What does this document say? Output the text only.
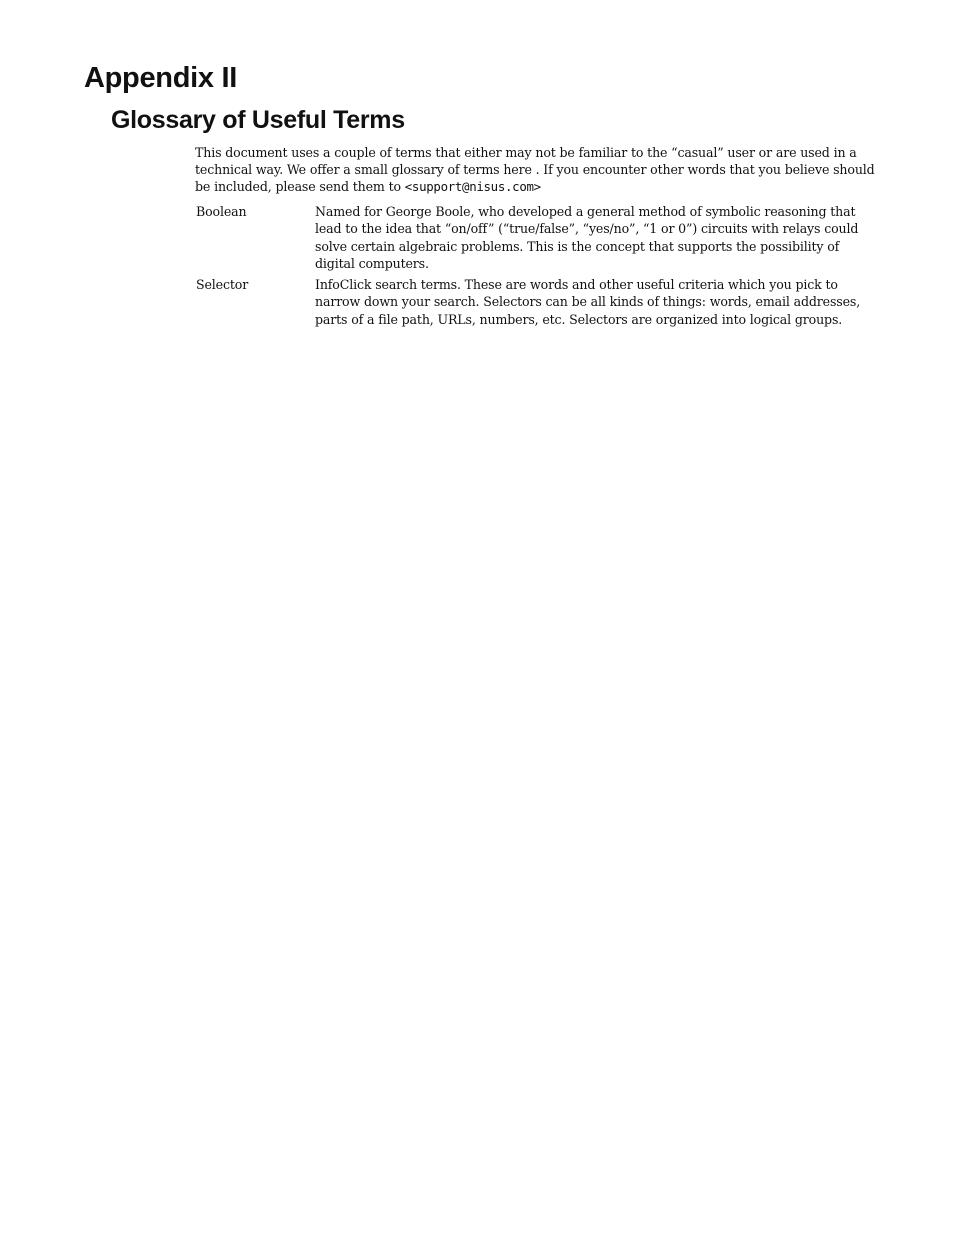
Appendix II
Glossary of Useful Terms

This document uses a couple of terms that either may not be familiar to the “casual” user or are used in a technical way. We offer a small glossary of terms here . If you encounter other words that you believe should be included, please send them to <support@nisus.com>

Boolean	Named for George Boole, who developed a general method of symbolic reasoning that lead to the idea that “on/off” (“true/false”, “yes/no”, “1 or 0”) circuits with relays could solve certain algebraic problems. This is the concept that supports the possibility of digital computers.
Selector	InfoClick search terms. These are words and other useful criteria which you pick to narrow down your search. Selectors can be all kinds of things: words, email addresses, parts of a file path, URLs, numbers, etc. Selectors are organized into logical groups.
